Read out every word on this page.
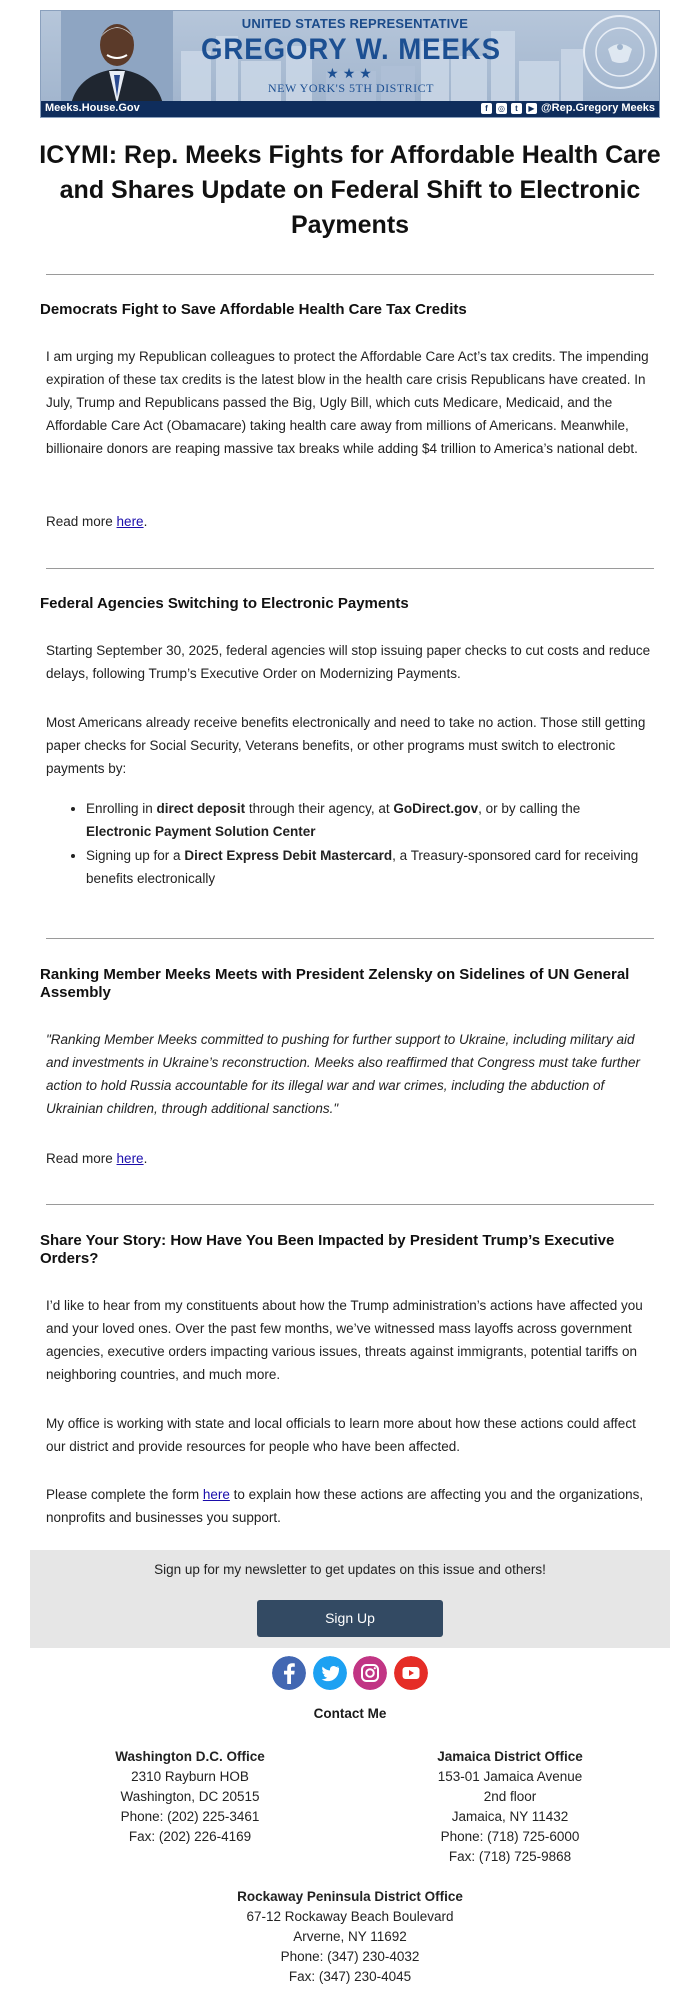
UNITED STATES REPRESENTATIVE
GREGORY W. MEEKS
★★★
NEW YORK'S 5TH DISTRICT
Meeks.House.Gov	f	◎	t	▶ @Rep.Gregory Meeks
ICYMI: Rep. Meeks Fights for Affordable Health Care and Shares Update on Federal Shift to Electronic Payments
Democrats Fight to Save Affordable Health Care Tax Credits
I am urging my Republican colleagues to protect the Affordable Care Act’s tax credits. The impending expiration of these tax credits is the latest blow in the health care crisis Republicans have created. In July, Trump and Republicans passed the Big, Ugly Bill, which cuts Medicare, Medicaid, and the Affordable Care Act (Obamacare) taking health care away from millions of Americans. Meanwhile, billionaire donors are reaping massive tax breaks while adding $4 trillion to America’s national debt.
Read more here.
Federal Agencies Switching to Electronic Payments
Starting September 30, 2025, federal agencies will stop issuing paper checks to cut costs and reduce delays, following Trump’s Executive Order on Modernizing Payments.
Most Americans already receive benefits electronically and need to take no action. Those still getting paper checks for Social Security, Veterans benefits, or other programs must switch to electronic payments by:
• Enrolling in direct deposit through their agency, at GoDirect.gov, or by calling the Electronic Payment Solution Center
• Signing up for a Direct Express Debit Mastercard, a Treasury-sponsored card for receiving benefits electronically
Ranking Member Meeks Meets with President Zelensky on Sidelines of UN General Assembly
"Ranking Member Meeks committed to pushing for further support to Ukraine, including military aid and investments in Ukraine’s reconstruction. Meeks also reaffirmed that Congress must take further action to hold Russia accountable for its illegal war and war crimes, including the abduction of Ukrainian children, through additional sanctions."
Read more here.
Share Your Story: How Have You Been Impacted by President Trump’s Executive Orders?
I’d like to hear from my constituents about how the Trump administration’s actions have affected you and your loved ones. Over the past few months, we’ve witnessed mass layoffs across government agencies, executive orders impacting various issues, threats against immigrants, potential tariffs on neighboring countries, and much more.
My office is working with state and local officials to learn more about how these actions could affect our district and provide resources for people who have been affected.
Please complete the form here to explain how these actions are affecting you and the organizations, nonprofits and businesses you support.
Sign up for my newsletter to get updates on this issue and others!
Sign Up

Contact Me
Washington D.C. Office
2310 Rayburn HOB
Washington, DC 20515
Phone: (202) 225-3461
Fax: (202) 226-4169
Jamaica District Office
153-01 Jamaica Avenue
2nd floor
Jamaica, NY 11432
Phone: (718) 725-6000
Fax: (718) 725-9868
Rockaway Peninsula District Office
67-12 Rockaway Beach Boulevard
Arverne, NY 11692
Phone: (347) 230-4032
Fax: (347) 230-4045
